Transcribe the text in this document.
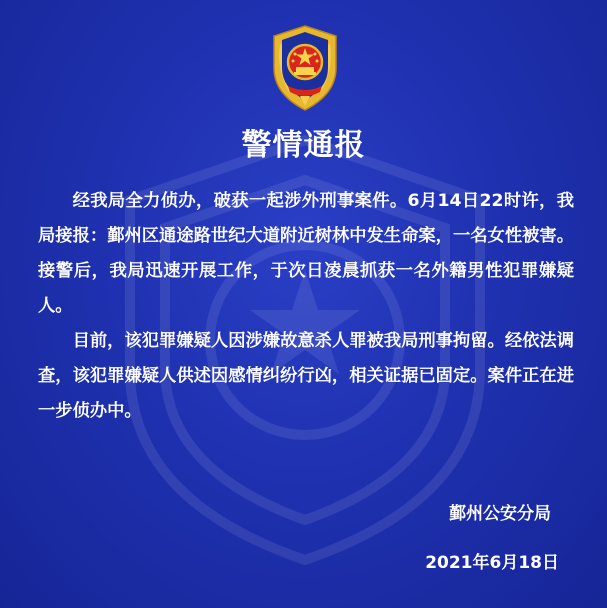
警情通报

经我局全力侦办，破获一起涉外刑事案件。6月14日22时许，我局接报：鄞州区通途路世纪大道附近树林中发生命案，一名女性被害。接警后，我局迅速开展工作，于次日凌晨抓获一名外籍男性犯罪嫌疑人。

目前，该犯罪嫌疑人因涉嫌故意杀人罪被我局刑事拘留。经依法调查，该犯罪嫌疑人供述因感情纠纷行凶，相关证据已固定。案件正在进一步侦办中。

鄞州公安分局
2021年6月18日
